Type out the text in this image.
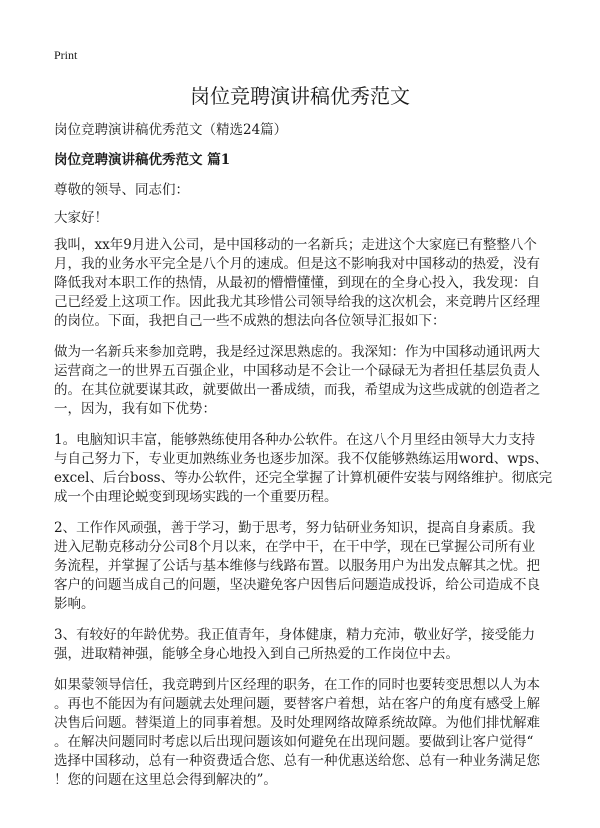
Print
岗位竞聘演讲稿优秀范文
岗位竞聘演讲稿优秀范文（精选24篇）
岗位竞聘演讲稿优秀范文 篇1
尊敬的领导、同志们：
大家好！
我叫，xx年9月进入公司，是中国移动的一名新兵；走进这个大家庭已有整整八个
月，我的业务水平完全是八个月的速成。但是这不影响我对中国移动的热爱，没有
降低我对本职工作的热情，从最初的懵懵懂懂，到现在的全身心投入，我发现：自
己已经爱上这项工作。因此我尤其珍惜公司领导给我的这次机会，来竞聘片区经理
的岗位。下面，我把自己一些不成熟的想法向各位领导汇报如下：
做为一名新兵来参加竞聘，我是经过深思熟虑的。我深知：作为中国移动通讯两大
运营商之一的世界五百强企业，中国移动是不会让一个碌碌无为者担任基层负责人
的。在其位就要谋其政，就要做出一番成绩，而我，希望成为这些成就的创造者之
一，因为，我有如下优势：
1。电脑知识丰富，能够熟练使用各种办公软件。在这八个月里经由领导大力支持
与自己努力下，专业更加熟练业务也逐步加深。我不仅能够熟练运用word、wps、
excel、后台boss、等办公软件，还完全掌握了计算机硬件安装与网络维护。彻底完
成一个由理论蜕变到现场实践的一个重要历程。
2、工作作风顽强，善于学习，勤于思考，努力钻研业务知识，提高自身素质。我
进入尼勒克移动分公司8个月以来，在学中干，在干中学，现在已掌握公司所有业
务流程，并掌握了公话与基本维修与线路布置。以服务用户为出发点解其之忧。把
客户的问题当成自己的问题，坚决避免客户因售后问题造成投诉，给公司造成不良
影响。
3、有较好的年龄优势。我正值青年，身体健康，精力充沛，敬业好学，接受能力
强，进取精神强，能够全身心地投入到自己所热爱的工作岗位中去。
如果蒙领导信任，我竞聘到片区经理的职务，在工作的同时也要转变思想以人为本
。再也不能因为有问题就去处理问题，要替客户着想，站在客户的角度有感受上解
决售后问题。替渠道上的同事着想。及时处理网络故障系统故障。为他们排忧解难
。在解决问题同时考虑以后出现问题该如何避免在出现问题。要做到让客户觉得“
选择中国移动，总有一种资费适合您、总有一种优惠送给您、总有一种业务满足您
！您的问题在这里总会得到解决的”。
